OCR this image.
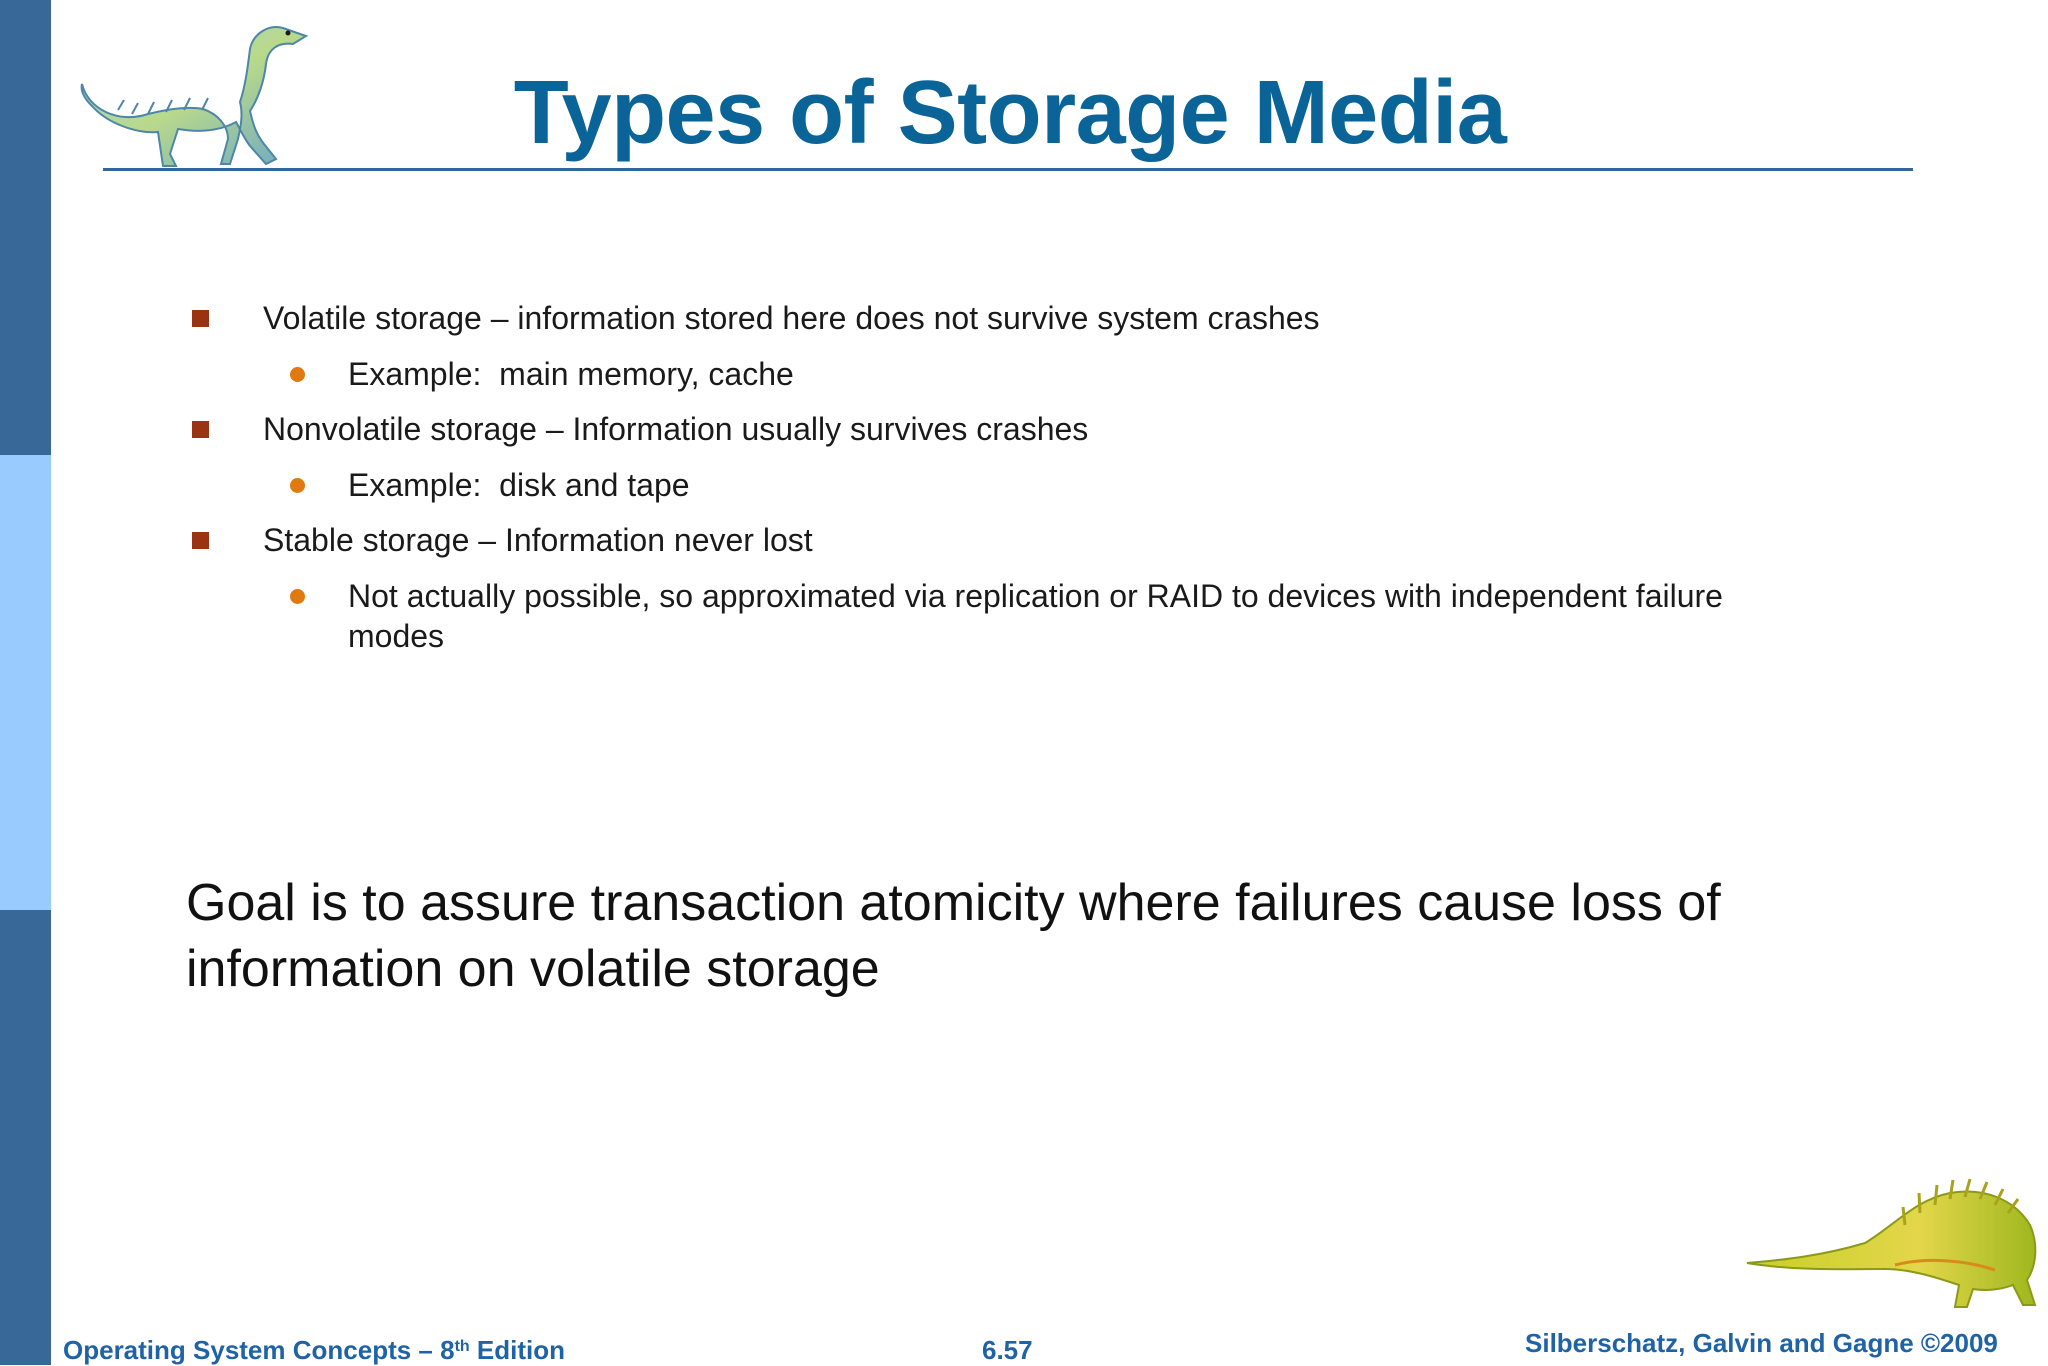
Types of Storage Media
Volatile storage – information stored here does not survive system crashes
Example:  main memory, cache
Nonvolatile storage – Information usually survives crashes
Example:  disk and tape
Stable storage – Information never lost
Not actually possible, so approximated via replication or RAID to devices with independent failure
modes
Goal is to assure transaction atomicity where failures cause loss of
information on volatile storage
Operating System Concepts – 8th Edition	6.57	Silberschatz, Galvin and Gagne ©2009
